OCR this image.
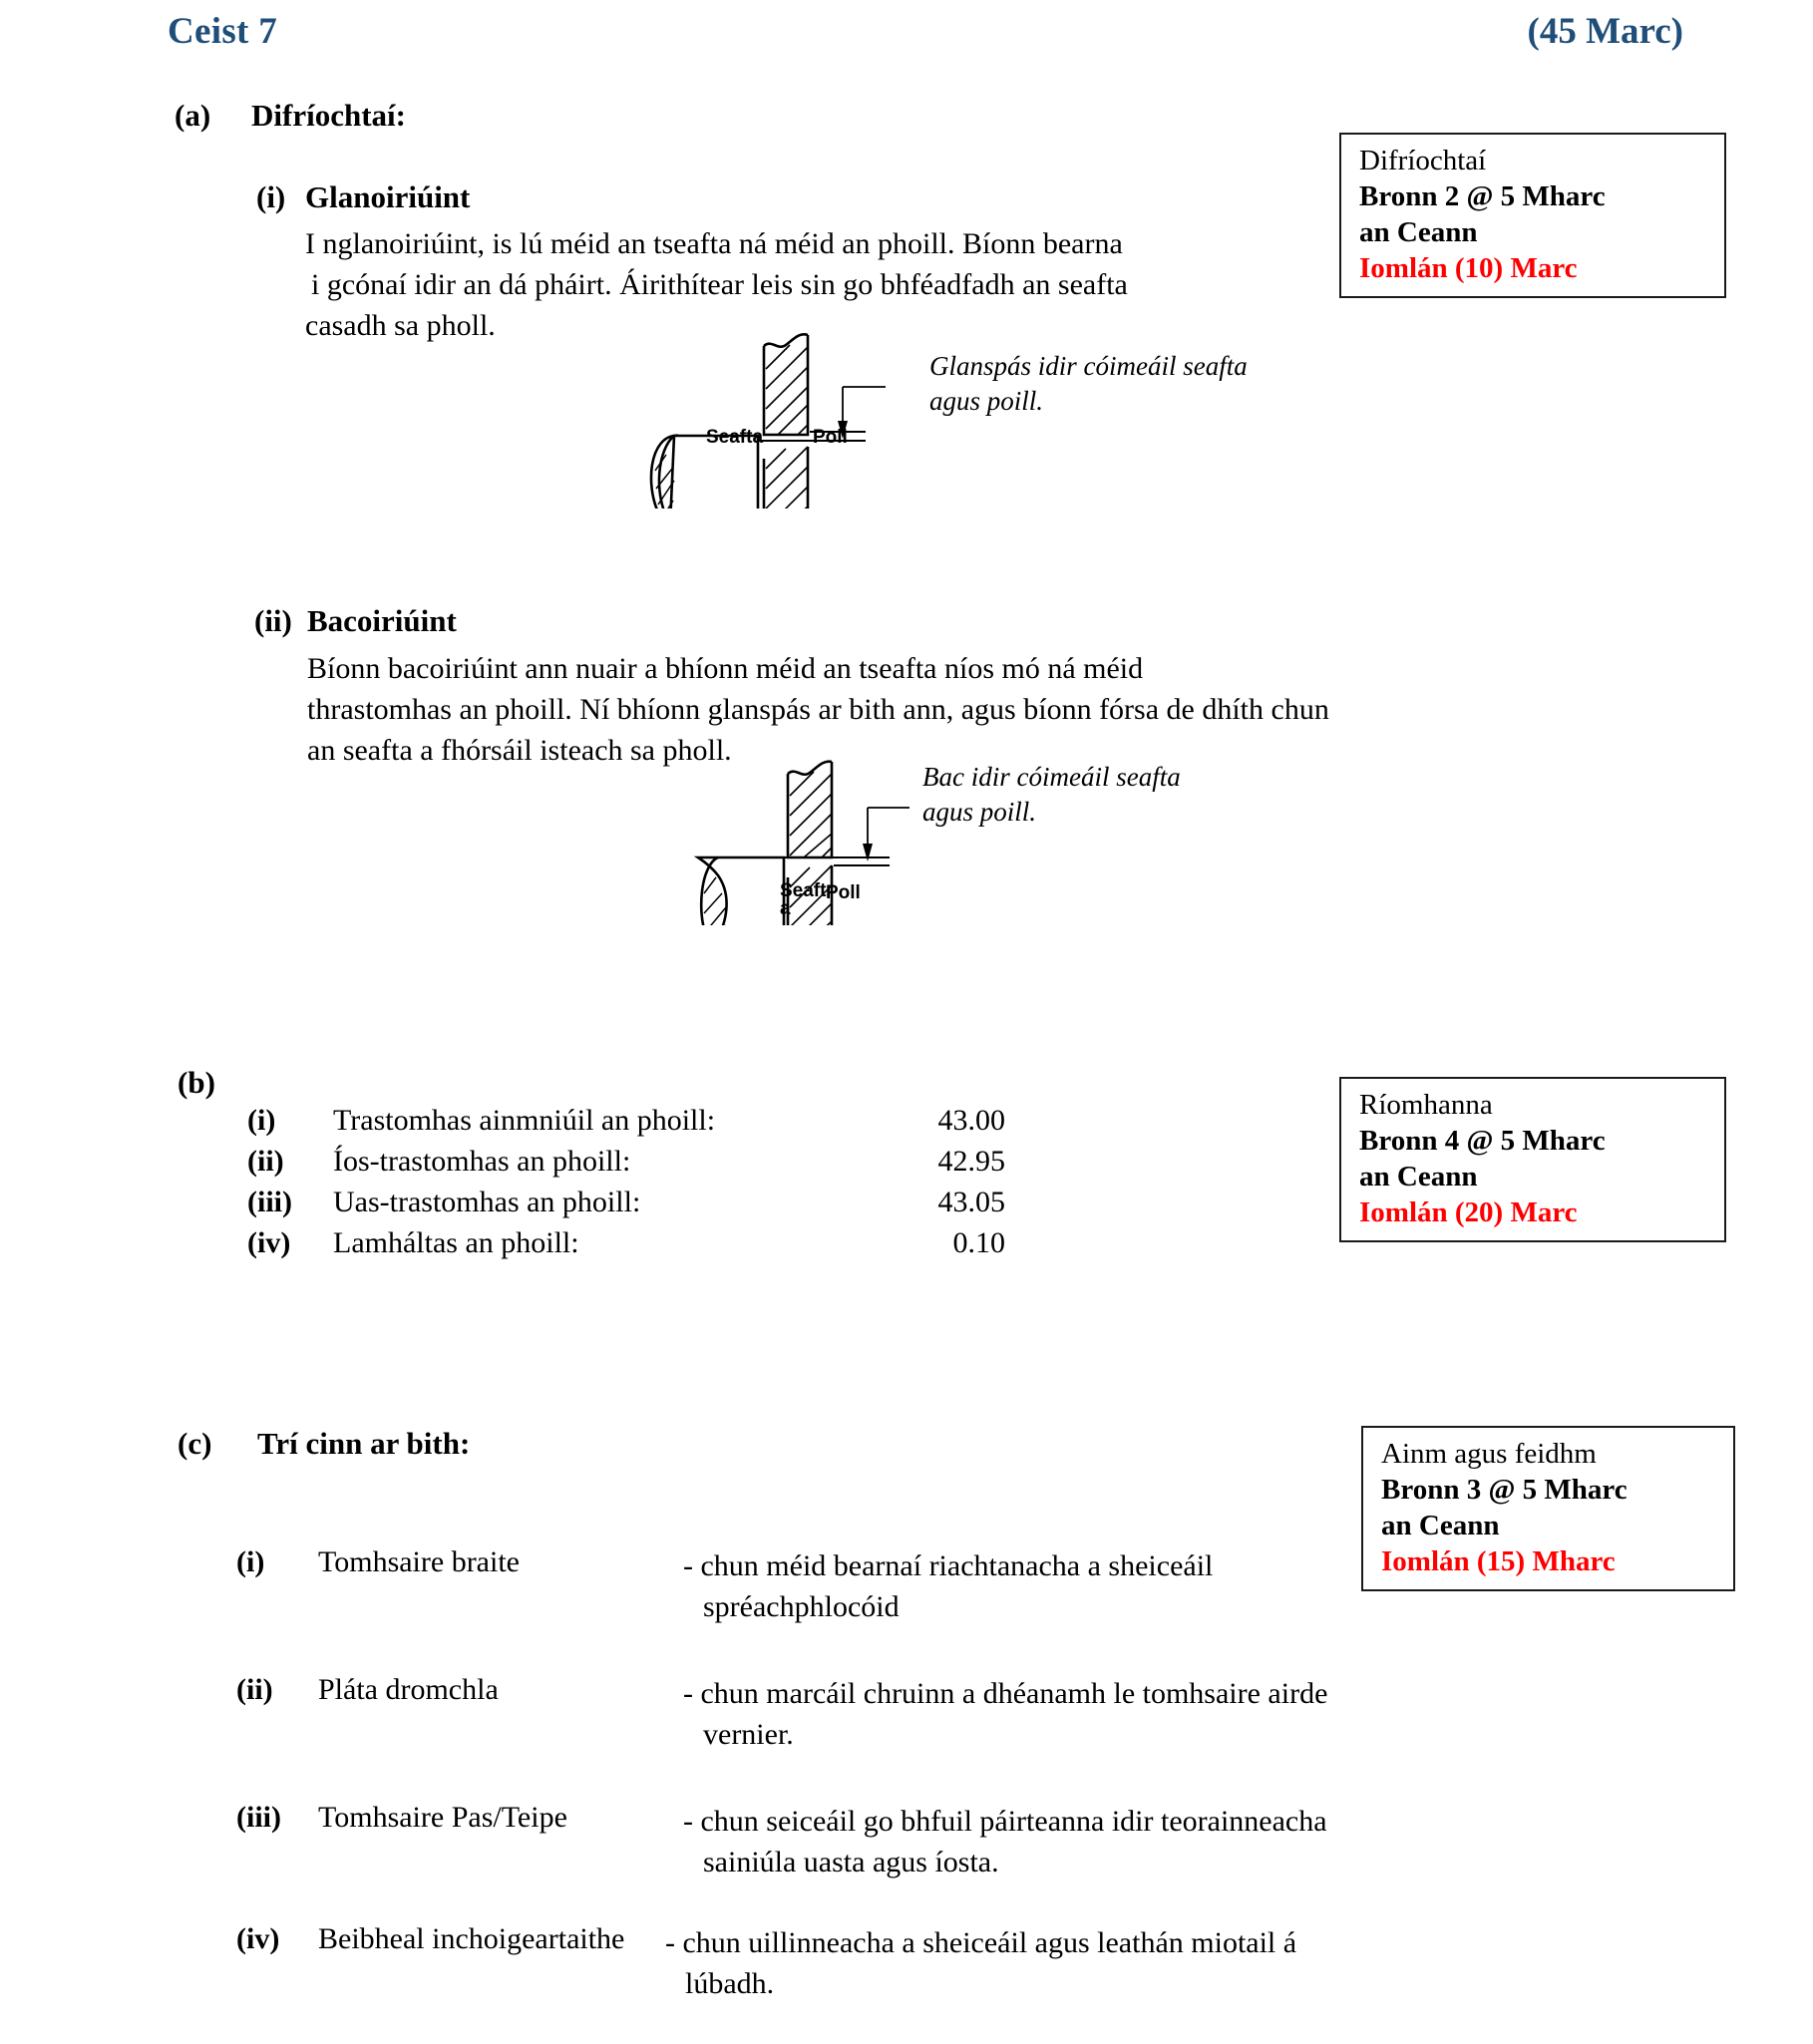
Ceist 7	(45 Marc)
(a) Difríochtaí:
(i) Glanoiriúint
I nglanoiriúint, is lú méid an tseafta ná méid an phoill. Bíonn bearna
i gcónaí idir an dá pháirt. Áirithítear leis sin go bhféadfadh an seafta
casadh sa pholl.
Seafta	Poll
Glanspás idir cóimeáil seafta
agus poill.
(ii) Bacoiriúint
Bíonn bacoiriúint ann nuair a bhíonn méid an tseafta níos mó ná méid
thrastomhas an phoill. Ní bhíonn glanspás ar bith ann, agus bíonn fórsa de dhíth chun
an seafta a fhórsáil isteach sa pholl.
Seaft
a
Poll
Bac idir cóimeáil seafta
agus poill.
(b)
(i)	Trastomhas ainmniúil an phoill:	43.00
(ii)	Íos-trastomhas an phoill:	42.95
(iii)	Uas-trastomhas an phoill:	43.05
(iv)	Lamháltas an phoill:	0.10
(c) Trí cinn ar bith:
(i)	Tomhsaire braite	- chun méid bearnaí riachtanacha a sheiceáil
spréachphlocóid
(ii)	Pláta dromchla	- chun marcáil chruinn a dhéanamh le tomhsaire airde
vernier.
(iii)	Tomhsaire Pas/Teipe	- chun seiceáil go bhfuil páirteanna idir teorainneacha
sainiúla uasta agus íosta.
(iv)	Beibheal inchoigeartaithe - chun uillinneacha a sheiceáil agus leathán miotail á
lúbadh.
Difríochtaí
Bronn 2 @ 5 Mharc
an Ceann
Iomlán (10) Marc
Ríomhanna
Bronn 4 @ 5 Mharc
an Ceann
Iomlán (20) Marc
Ainm agus feidhm
Bronn 3 @ 5 Mharc
an Ceann
Iomlán (15) Mharc
